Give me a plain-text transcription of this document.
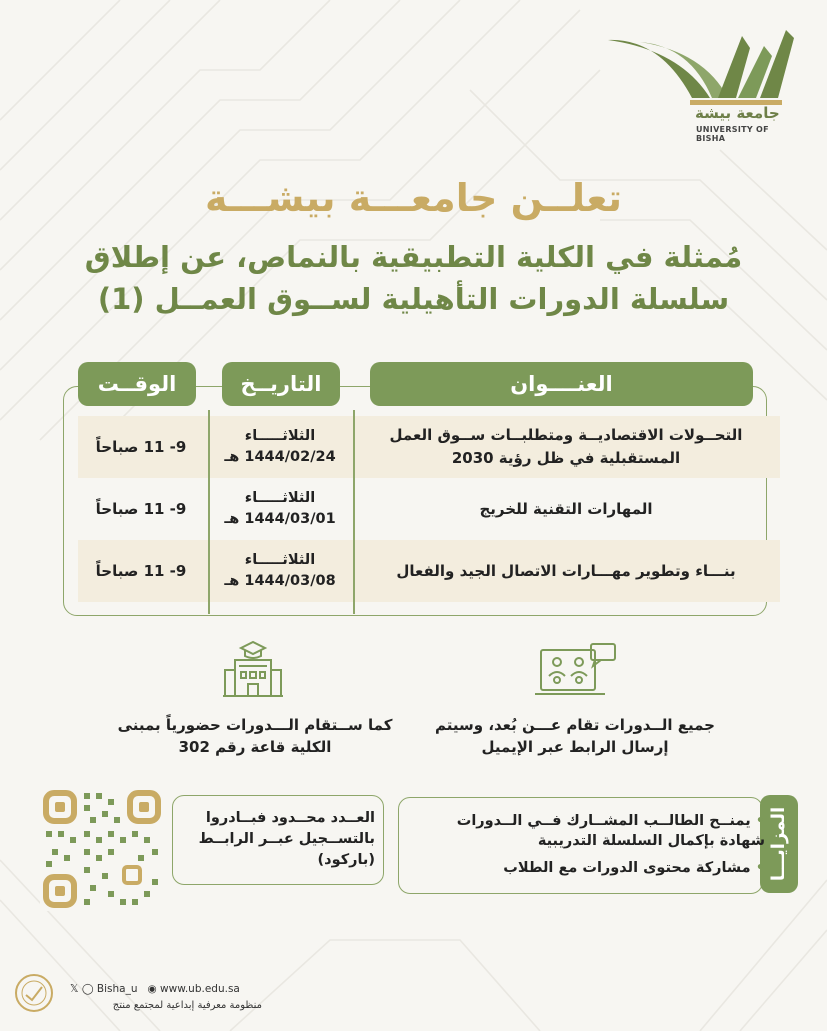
جامعة بيشة
UNIVERSITY OF BISHA
تعلــن جامعـــة بيشـــة
مُمثلة في الكلية التطبيقية بالنماص، عن إطلاق
سلسلة الدورات التأهيلية لســوق العمــل (1)
العنــــوان
التاريــخ
الوقــت
التحــولات الاقتصاديــة ومتطلبــات ســوق العمل المستقبلية في ظل رؤية 2030
الثلاثـــــاء
1444/02/24 هـ
9- 11 صباحاً
المهارات التقنية للخريج
الثلاثـــــاء
1444/03/01 هـ
9- 11 صباحاً
بنـــاء وتطوير مهـــارات الاتصال الجيد والفعال
الثلاثـــــاء
1444/03/08 هـ
9- 11 صباحاً
جميع الــدورات تقام عـــن بُعد، وسيتم إرسال الرابط عبر الإيميل
كما ســتقام الـــدورات حضورياً بمبنى الكلية قاعة رقم 302
المزايـــا
• يمنــح الطالــب المشــارك فــي الــدورات شهادة بإكمال السلسلة التدريبية
• مشاركة محتوى الدورات مع الطلاب
العــدد محــدود فبــادروا بالتســجيل عبــر الرابــط (باركود)
𝕏 ◯ Bisha_u ◉ www.ub.edu.sa
منظومة معرفية إبداعية لمجتمع منتج
